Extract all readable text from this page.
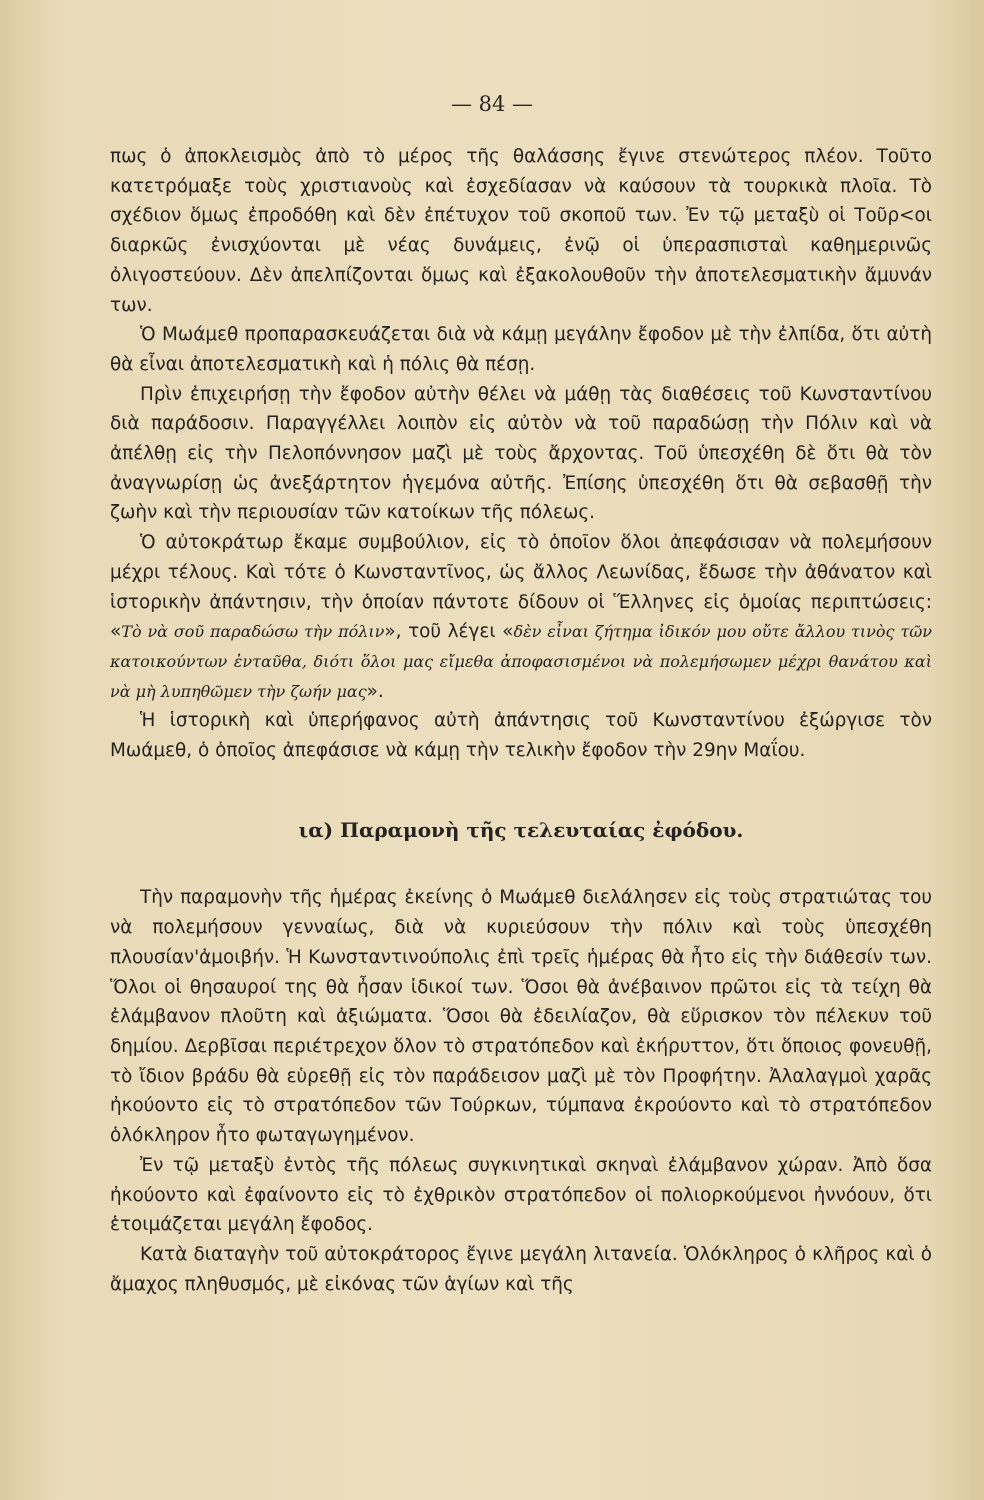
— 84 —

πως ὁ ἀποκλεισμὸς ἀπὸ τὸ μέρος τῆς θαλάσσης ἔγινε στενώτερος πλέον. Τοῦτο κατετρόμαξε τοὺς χριστιανοὺς καὶ ἐσχεδίασαν νὰ καύσουν τὰ τουρκικὰ πλοῖα. Τὸ σχέδιον ὅμως ἐπροδόθη καὶ δὲν ἐπέτυχον τοῦ σκοποῦ των. Ἐν τῷ μεταξὺ οἱ Τοῦρ<οι διαρκῶς ἐνισχύονται μὲ νέας δυνάμεις, ἐνῷ οἱ ὑπερασπισταὶ καθημερινῶς ὀλιγοστεύουν. Δὲν ἀπελπίζονται ὅμως καὶ ἐξακολουθοῦν τὴν ἀποτελεσματικὴν ἄμυνάν των.

Ὁ Μωάμεθ προπαρασκευάζεται διὰ νὰ κάμῃ μεγάλην ἔφοδον μὲ τὴν ἐλπίδα, ὅτι αὐτὴ θὰ εἶναι ἀποτελεσματικὴ καὶ ἡ πόλις θὰ πέσῃ.

Πρὶν ἐπιχειρήσῃ τὴν ἔφοδον αὐτὴν θέλει νὰ μάθῃ τὰς διαθέσεις τοῦ Κωνσταντίνου διὰ παράδοσιν. Παραγγέλλει λοιπὸν εἰς αὐτὸν νὰ τοῦ παραδώσῃ τὴν Πόλιν καὶ νὰ ἀπέλθῃ εἰς τὴν Πελοπόννησον μαζὶ μὲ τοὺς ἄρχοντας. Τοῦ ὑπεσχέθη δὲ ὅτι θὰ τὸν ἀναγνωρίσῃ ὡς ἀνεξάρτητον ἡγεμόνα αὐτῆς. Ἐπίσης ὑπεσχέθη ὅτι θὰ σεβασθῇ τὴν ζωὴν καὶ τὴν περιουσίαν τῶν κατοίκων τῆς πόλεως.

Ὁ αὐτοκράτωρ ἔκαμε συμβούλιον, εἰς τὸ ὁποῖον ὅλοι ἀπεφάσισαν νὰ πολεμήσουν μέχρι τέλους. Καὶ τότε ὁ Κωνσταντῖνος, ὡς ἄλλος Λεωνίδας, ἔδωσε τὴν ἀθάνατον καὶ ἱστορικὴν ἀπάντησιν, τὴν ὁποίαν πάντοτε δίδουν οἱ Ἕλληνες εἰς ὁμοίας περιπτώσεις: «Τὸ νὰ σοῦ παραδώσω τὴν πόλιν», τοῦ λέγει «δὲν εἶναι ζήτημα ἰδικόν μου οὔτε ἄλλου τινὸς τῶν κατοικούντων ἐνταῦθα, διότι ὅλοι μας εἴμεθα ἀποφασισμένοι νὰ πολεμήσωμεν μέχρι θανάτου καὶ νὰ μὴ λυπηθῶμεν τὴν ζωήν μας».

Ἡ ἱστορικὴ καὶ ὑπερήφανος αὐτὴ ἀπάντησις τοῦ Κωνσταντίνου ἐξώργισε τὸν Μωάμεθ, ὁ ὁποῖος ἀπεφάσισε νὰ κάμῃ τὴν τελικὴν ἔφοδον τὴν 29ην Μαΐου.

ια) Παραμονὴ τῆς τελευταίας ἐφόδου.

Τὴν παραμονὴν τῆς ἡμέρας ἐκείνης ὁ Μωάμεθ διελάλησεν εἰς τοὺς στρατιώτας του νὰ πολεμήσουν γενναίως, διὰ νὰ κυριεύσουν τὴν πόλιν καὶ τοὺς ὑπεσχέθη πλουσίαν'ἀμοιβήν. Ἡ Κωνσταντινούπολις ἐπὶ τρεῖς ἡμέρας θὰ ἦτο εἰς τὴν διάθεσίν των. Ὅλοι οἱ θησαυροί της θὰ ἦσαν ἰδικοί των. Ὅσοι θὰ ἀνέβαινον πρῶτοι εἰς τὰ τείχη θὰ ἐλάμβανον πλοῦτη καὶ ἀξιώματα. Ὅσοι θὰ ἐδειλίαζον, θὰ εὕρισκον τὸν πέλεκυν τοῦ δημίου. Δερβῖσαι περιέτρεχον ὅλον τὸ στρατόπεδον καὶ ἐκήρυττον, ὅτι ὅποιος φονευθῇ, τὸ ἴδιον βράδυ θὰ εὑρεθῇ εἰς τὸν παράδεισον μαζὶ μὲ τὸν Προφήτην. Ἀλαλαγμοὶ χαρᾶς ἠκούοντο εἰς τὸ στρατόπεδον τῶν Τούρκων, τύμπανα ἐκρούοντο καὶ τὸ στρατόπεδον ὁλόκληρον ἦτο φωταγωγημένον.

Ἐν τῷ μεταξὺ ἐντὸς τῆς πόλεως συγκινητικαὶ σκηναὶ ἐλάμβανον χώραν. Ἀπὸ ὅσα ἠκούοντο καὶ ἐφαίνοντο εἰς τὸ ἐχθρικὸν στρατόπεδον οἱ πολιορκούμενοι ἠννόουν, ὅτι ἑτοιμάζεται μεγάλη ἔφοδος.

Κατὰ διαταγὴν τοῦ αὐτοκράτορος ἔγινε μεγάλη λιτανεία. Ὁλόκληρος ὁ κλῆρος καὶ ὁ ἄμαχος πληθυσμός, μὲ εἰκόνας τῶν ἁγίων καὶ τῆς
